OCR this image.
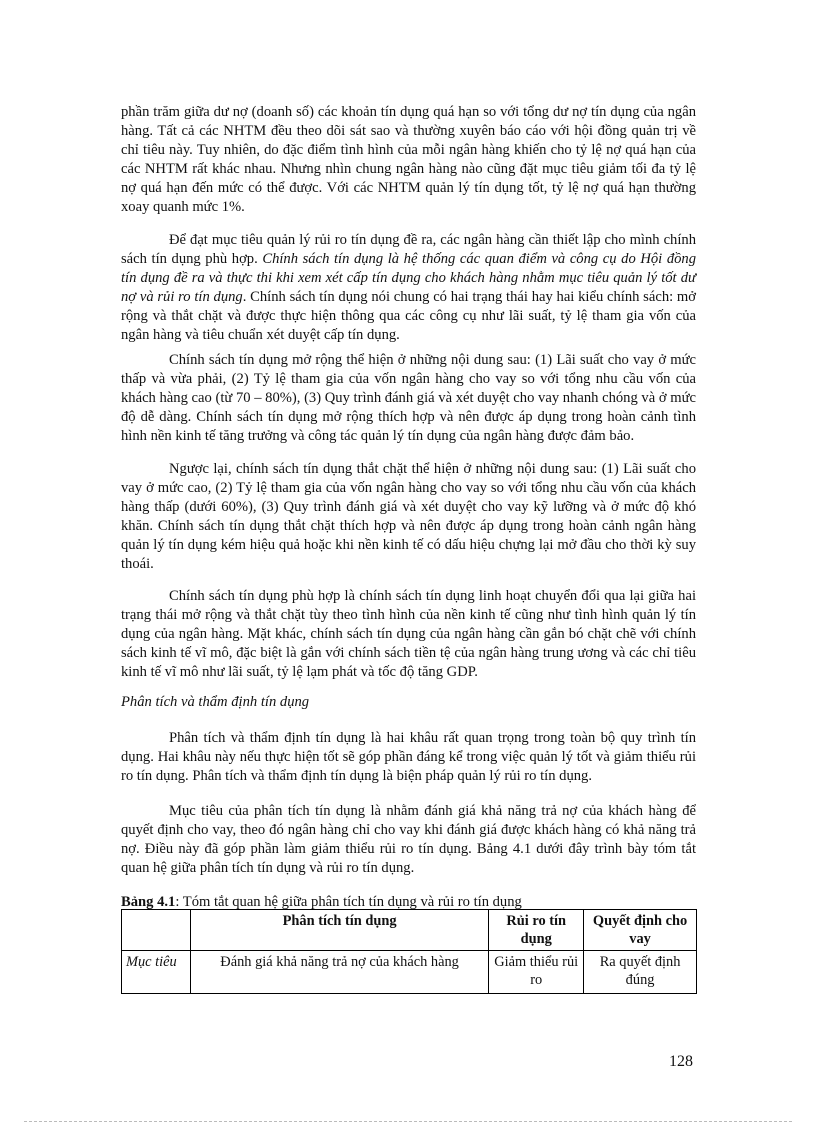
phần trăm giữa dư nợ (doanh số) các khoản tín dụng quá hạn so với tổng dư nợ tín dụng của ngân hàng. Tất cả các NHTM đều theo dõi sát sao và thường xuyên báo cáo với hội đồng quản trị về chỉ tiêu này. Tuy nhiên, do đặc điểm tình hình của mỗi ngân hàng khiến cho tỷ lệ nợ quá hạn của các NHTM rất khác nhau. Nhưng nhìn chung ngân hàng nào cũng đặt mục tiêu giảm tối đa tỷ lệ nợ quá hạn đến mức có thể được. Với các NHTM quản lý tín dụng tốt, tỷ lệ nợ quá hạn thường xoay quanh mức 1%.

Để đạt mục tiêu quản lý rủi ro tín dụng đề ra, các ngân hàng cần thiết lập cho mình chính sách tín dụng phù hợp. Chính sách tín dụng là hệ thống các quan điểm và công cụ do Hội đồng tín dụng đề ra và thực thi khi xem xét cấp tín dụng cho khách hàng nhằm mục tiêu quản lý tốt dư nợ và rủi ro tín dụng. Chính sách tín dụng nói chung có hai trạng thái hay hai kiểu chính sách: mở rộng và thắt chặt và được thực hiện thông qua các công cụ như lãi suất, tỷ lệ tham gia vốn của ngân hàng và tiêu chuẩn xét duyệt cấp tín dụng.

Chính sách tín dụng mở rộng thể hiện ở những nội dung sau: (1) Lãi suất cho vay ở mức thấp và vừa phải, (2) Tỷ lệ tham gia của vốn ngân hàng cho vay so với tổng nhu cầu vốn của khách hàng cao (từ 70 – 80%), (3) Quy trình đánh giá và xét duyệt cho vay nhanh chóng và ở mức độ dễ dàng. Chính sách tín dụng mở rộng thích hợp và nên được áp dụng trong hoàn cảnh tình hình nền kinh tế tăng trưởng và công tác quản lý tín dụng của ngân hàng được đảm bảo.

Ngược lại, chính sách tín dụng thắt chặt thể hiện ở những nội dung sau: (1) Lãi suất cho vay ở mức cao, (2) Tỷ lệ tham gia của vốn ngân hàng cho vay so với tổng nhu cầu vốn của khách hàng thấp (dưới 60%), (3) Quy trình đánh giá và xét duyệt cho vay kỹ lưỡng và ở mức độ khó khăn. Chính sách tín dụng thắt chặt thích hợp và nên được áp dụng trong hoàn cảnh ngân hàng quản lý tín dụng kém hiệu quả hoặc khi nền kinh tế có dấu hiệu chựng lại mở đầu cho thời kỳ suy thoái.

Chính sách tín dụng phù hợp là chính sách tín dụng linh hoạt chuyển đổi qua lại giữa hai trạng thái mở rộng và thắt chặt tùy theo tình hình của nền kinh tế cũng như tình hình quản lý tín dụng của ngân hàng. Mặt khác, chính sách tín dụng của ngân hàng cần gắn bó chặt chẽ với chính sách kinh tế vĩ mô, đặc biệt là gắn với chính sách tiền tệ của ngân hàng trung ương và các chỉ tiêu kinh tế vĩ mô như lãi suất, tỷ lệ lạm phát và tốc độ tăng GDP.

Phân tích và thẩm định tín dụng

Phân tích và thẩm định tín dụng là hai khâu rất quan trọng trong toàn bộ quy trình tín dụng. Hai khâu này nếu thực hiện tốt sẽ góp phần đáng kể trong việc quản lý tốt và giảm thiểu rủi ro tín dụng. Phân tích và thẩm định tín dụng là biện pháp quản lý rủi ro tín dụng.

Mục tiêu của phân tích tín dụng là nhằm đánh giá khả năng trả nợ của khách hàng để quyết định cho vay, theo đó ngân hàng chỉ cho vay khi đánh giá được khách hàng có khả năng trả nợ. Điều này đã góp phần làm giảm thiểu rủi ro tín dụng. Bảng 4.1 dưới đây trình bày tóm tắt quan hệ giữa phân tích tín dụng và rủi ro tín dụng.

Bảng 4.1: Tóm tắt quan hệ giữa phân tích tín dụng và rủi ro tín dụng

	Phân tích tín dụng	Rủi ro tín dụng	Quyết định cho vay
Mục tiêu	Đánh giá khả năng trả nợ của khách hàng	Giảm thiểu rủi ro	Ra quyết định đúng
128
